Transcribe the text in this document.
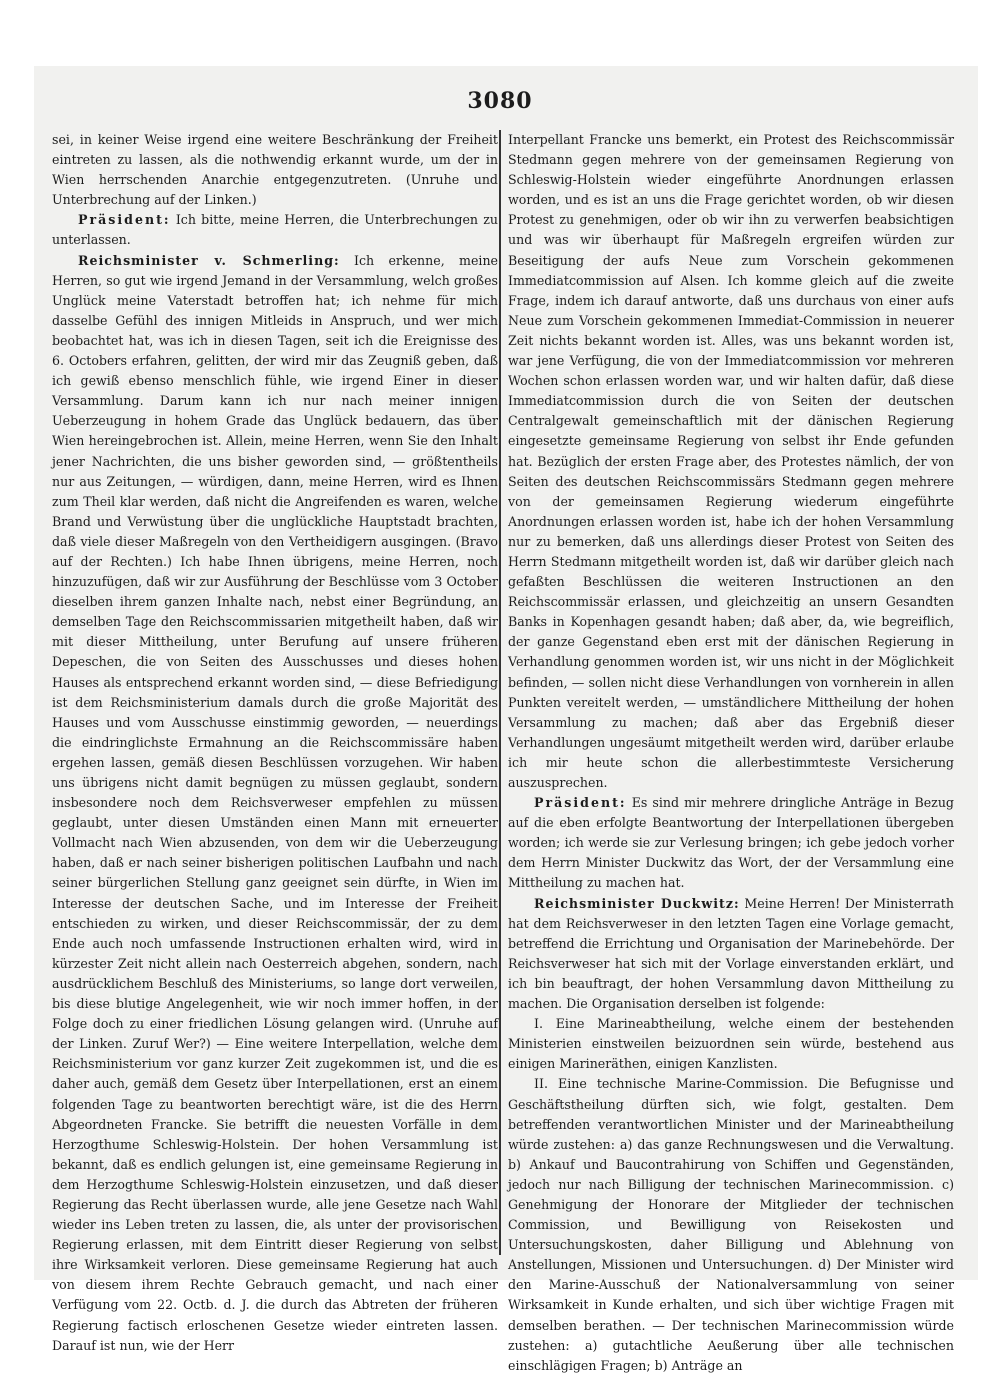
3080

sei, in keiner Weise irgend eine weitere Beschränkung der Freiheit eintreten zu lassen, als die nothwendig erkannt wurde, um der in Wien herrschenden Anarchie entgegenzutreten. (Unruhe und Unterbrechung auf der Linken.)

Präsident: Ich bitte, meine Herren, die Unterbrechungen zu unterlassen.

Reichsminister v. Schmerling: Ich erkenne, meine Herren, so gut wie irgend Jemand in der Versammlung, welch großes Unglück meine Vaterstadt betroffen hat; ich nehme für mich dasselbe Gefühl des innigen Mitleids in Anspruch, und wer mich beobachtet hat, was ich in diesen Tagen, seit ich die Ereignisse des 6. Octobers erfahren, gelitten, der wird mir das Zeugniß geben, daß ich gewiß ebenso menschlich fühle, wie irgend Einer in dieser Versammlung. Darum kann ich nur nach meiner innigen Ueberzeugung in hohem Grade das Unglück bedauern, das über Wien hereingebrochen ist. Allein, meine Herren, wenn Sie den Inhalt jener Nachrichten, die uns bisher geworden sind, — größtentheils nur aus Zeitungen, — würdigen, dann, meine Herren, wird es Ihnen zum Theil klar werden, daß nicht die Angreifenden es waren, welche Brand und Verwüstung über die unglückliche Hauptstadt brachten, daß viele dieser Maßregeln von den Vertheidigern ausgingen. (Bravo auf der Rechten.) Ich habe Ihnen übrigens, meine Herren, noch hinzuzufügen, daß wir zur Ausführung der Beschlüsse vom 3 October dieselben ihrem ganzen Inhalte nach, nebst einer Begründung, an demselben Tage den Reichscommissarien mitgetheilt haben, daß wir mit dieser Mittheilung, unter Berufung auf unsere früheren Depeschen, die von Seiten des Ausschusses und dieses hohen Hauses als entsprechend erkannt worden sind, — diese Befriedigung ist dem Reichsministerium damals durch die große Majorität des Hauses und vom Ausschusse einstimmig geworden, — neuerdings die eindringlichste Ermahnung an die Reichscommissäre haben ergehen lassen, gemäß diesen Beschlüssen vorzugehen. Wir haben uns übrigens nicht damit begnügen zu müssen geglaubt, sondern insbesondere noch dem Reichsverweser empfehlen zu müssen geglaubt, unter diesen Umständen einen Mann mit erneuerter Vollmacht nach Wien abzusenden, von dem wir die Ueberzeugung haben, daß er nach seiner bisherigen politischen Laufbahn und nach seiner bürgerlichen Stellung ganz geeignet sein dürfte, in Wien im Interesse der deutschen Sache, und im Interesse der Freiheit entschieden zu wirken, und dieser Reichscommissär, der zu dem Ende auch noch umfassende Instructionen erhalten wird, wird in kürzester Zeit nicht allein nach Oesterreich abgehen, sondern, nach ausdrücklichem Beschluß des Ministeriums, so lange dort verweilen, bis diese blutige Angelegenheit, wie wir noch immer hoffen, in der Folge doch zu einer friedlichen Lösung gelangen wird. (Unruhe auf der Linken. Zuruf Wer?) — Eine weitere Interpellation, welche dem Reichsministerium vor ganz kurzer Zeit zugekommen ist, und die es daher auch, gemäß dem Gesetz über Interpellationen, erst an einem folgenden Tage zu beantworten berechtigt wäre, ist die des Herrn Abgeordneten Francke. Sie betrifft die neuesten Vorfälle in dem Herzogthume Schleswig-Holstein. Der hohen Versammlung ist bekannt, daß es endlich gelungen ist, eine gemeinsame Regierung in dem Herzogthume Schleswig-Holstein einzusetzen, und daß dieser Regierung das Recht überlassen wurde, alle jene Gesetze nach Wahl wieder ins Leben treten zu lassen, die, als unter der provisorischen Regierung erlassen, mit dem Eintritt dieser Regierung von selbst ihre Wirksamkeit verloren. Diese gemeinsame Regierung hat auch von diesem ihrem Rechte Gebrauch gemacht, und nach einer Verfügung vom 22. Octb. d. J. die durch das Abtreten der früheren Regierung factisch erloschenen Gesetze wieder eintreten lassen. Darauf ist nun, wie der Herr

Interpellant Francke uns bemerkt, ein Protest des Reichscommissär Stedmann gegen mehrere von der gemeinsamen Regierung von Schleswig-Holstein wieder eingeführte Anordnungen erlassen worden, und es ist an uns die Frage gerichtet worden, ob wir diesen Protest zu genehmigen, oder ob wir ihn zu verwerfen beabsichtigen und was wir überhaupt für Maßregeln ergreifen würden zur Beseitigung der aufs Neue zum Vorschein gekommenen Immediatcommission auf Alsen. Ich komme gleich auf die zweite Frage, indem ich darauf antworte, daß uns durchaus von einer aufs Neue zum Vorschein gekommenen Immediat-Commission in neuerer Zeit nichts bekannt worden ist. Alles, was uns bekannt worden ist, war jene Verfügung, die von der Immediatcommission vor mehreren Wochen schon erlassen worden war, und wir halten dafür, daß diese Immediatcommission durch die von Seiten der deutschen Centralgewalt gemeinschaftlich mit der dänischen Regierung eingesetzte gemeinsame Regierung von selbst ihr Ende gefunden hat. Bezüglich der ersten Frage aber, des Protestes nämlich, der von Seiten des deutschen Reichscommissärs Stedmann gegen mehrere von der gemeinsamen Regierung wiederum eingeführte Anordnungen erlassen worden ist, habe ich der hohen Versammlung nur zu bemerken, daß uns allerdings dieser Protest von Seiten des Herrn Stedmann mitgetheilt worden ist, daß wir darüber gleich nach gefaßten Beschlüssen die weiteren Instructionen an den Reichscommissär erlassen, und gleichzeitig an unsern Gesandten Banks in Kopenhagen gesandt haben; daß aber, da, wie begreiflich, der ganze Gegenstand eben erst mit der dänischen Regierung in Verhandlung genommen worden ist, wir uns nicht in der Möglichkeit befinden, — sollen nicht diese Verhandlungen von vornherein in allen Punkten vereitelt werden, — umständlichere Mittheilung der hohen Versammlung zu machen; daß aber das Ergebniß dieser Verhandlungen ungesäumt mitgetheilt werden wird, darüber erlaube ich mir heute schon die allerbestimmteste Versicherung auszusprechen.

Präsident: Es sind mir mehrere dringliche Anträge in Bezug auf die eben erfolgte Beantwortung der Interpellationen übergeben worden; ich werde sie zur Verlesung bringen; ich gebe jedoch vorher dem Herrn Minister Duckwitz das Wort, der der Versammlung eine Mittheilung zu machen hat.

Reichsminister Duckwitz: Meine Herren! Der Ministerrath hat dem Reichsverweser in den letzten Tagen eine Vorlage gemacht, betreffend die Errichtung und Organisation der Marinebehörde. Der Reichsverweser hat sich mit der Vorlage einverstanden erklärt, und ich bin beauftragt, der hohen Versammlung davon Mittheilung zu machen. Die Organisation derselben ist folgende:

I. Eine Marineabtheilung, welche einem der bestehenden Ministerien einstweilen beizuordnen sein würde, bestehend aus einigen Marineräthen, einigen Kanzlisten.

II. Eine technische Marine-Commission. Die Befugnisse und Geschäftstheilung dürften sich, wie folgt, gestalten. Dem betreffenden verantwortlichen Minister und der Marineabtheilung würde zustehen: a) das ganze Rechnungswesen und die Verwaltung. b) Ankauf und Baucontrahirung von Schiffen und Gegenständen, jedoch nur nach Billigung der technischen Marinecommission. c) Genehmigung der Honorare der Mitglieder der technischen Commission, und Bewilligung von Reisekosten und Untersuchungskosten, daher Billigung und Ablehnung von Anstellungen, Missionen und Untersuchungen. d) Der Minister wird den Marine-Ausschuß der Nationalversammlung von seiner Wirksamkeit in Kunde erhalten, und sich über wichtige Fragen mit demselben berathen. — Der technischen Marinecommission würde zustehen: a) gutachtliche Aeußerung über alle technischen einschlägigen Fragen; b) Anträge an
